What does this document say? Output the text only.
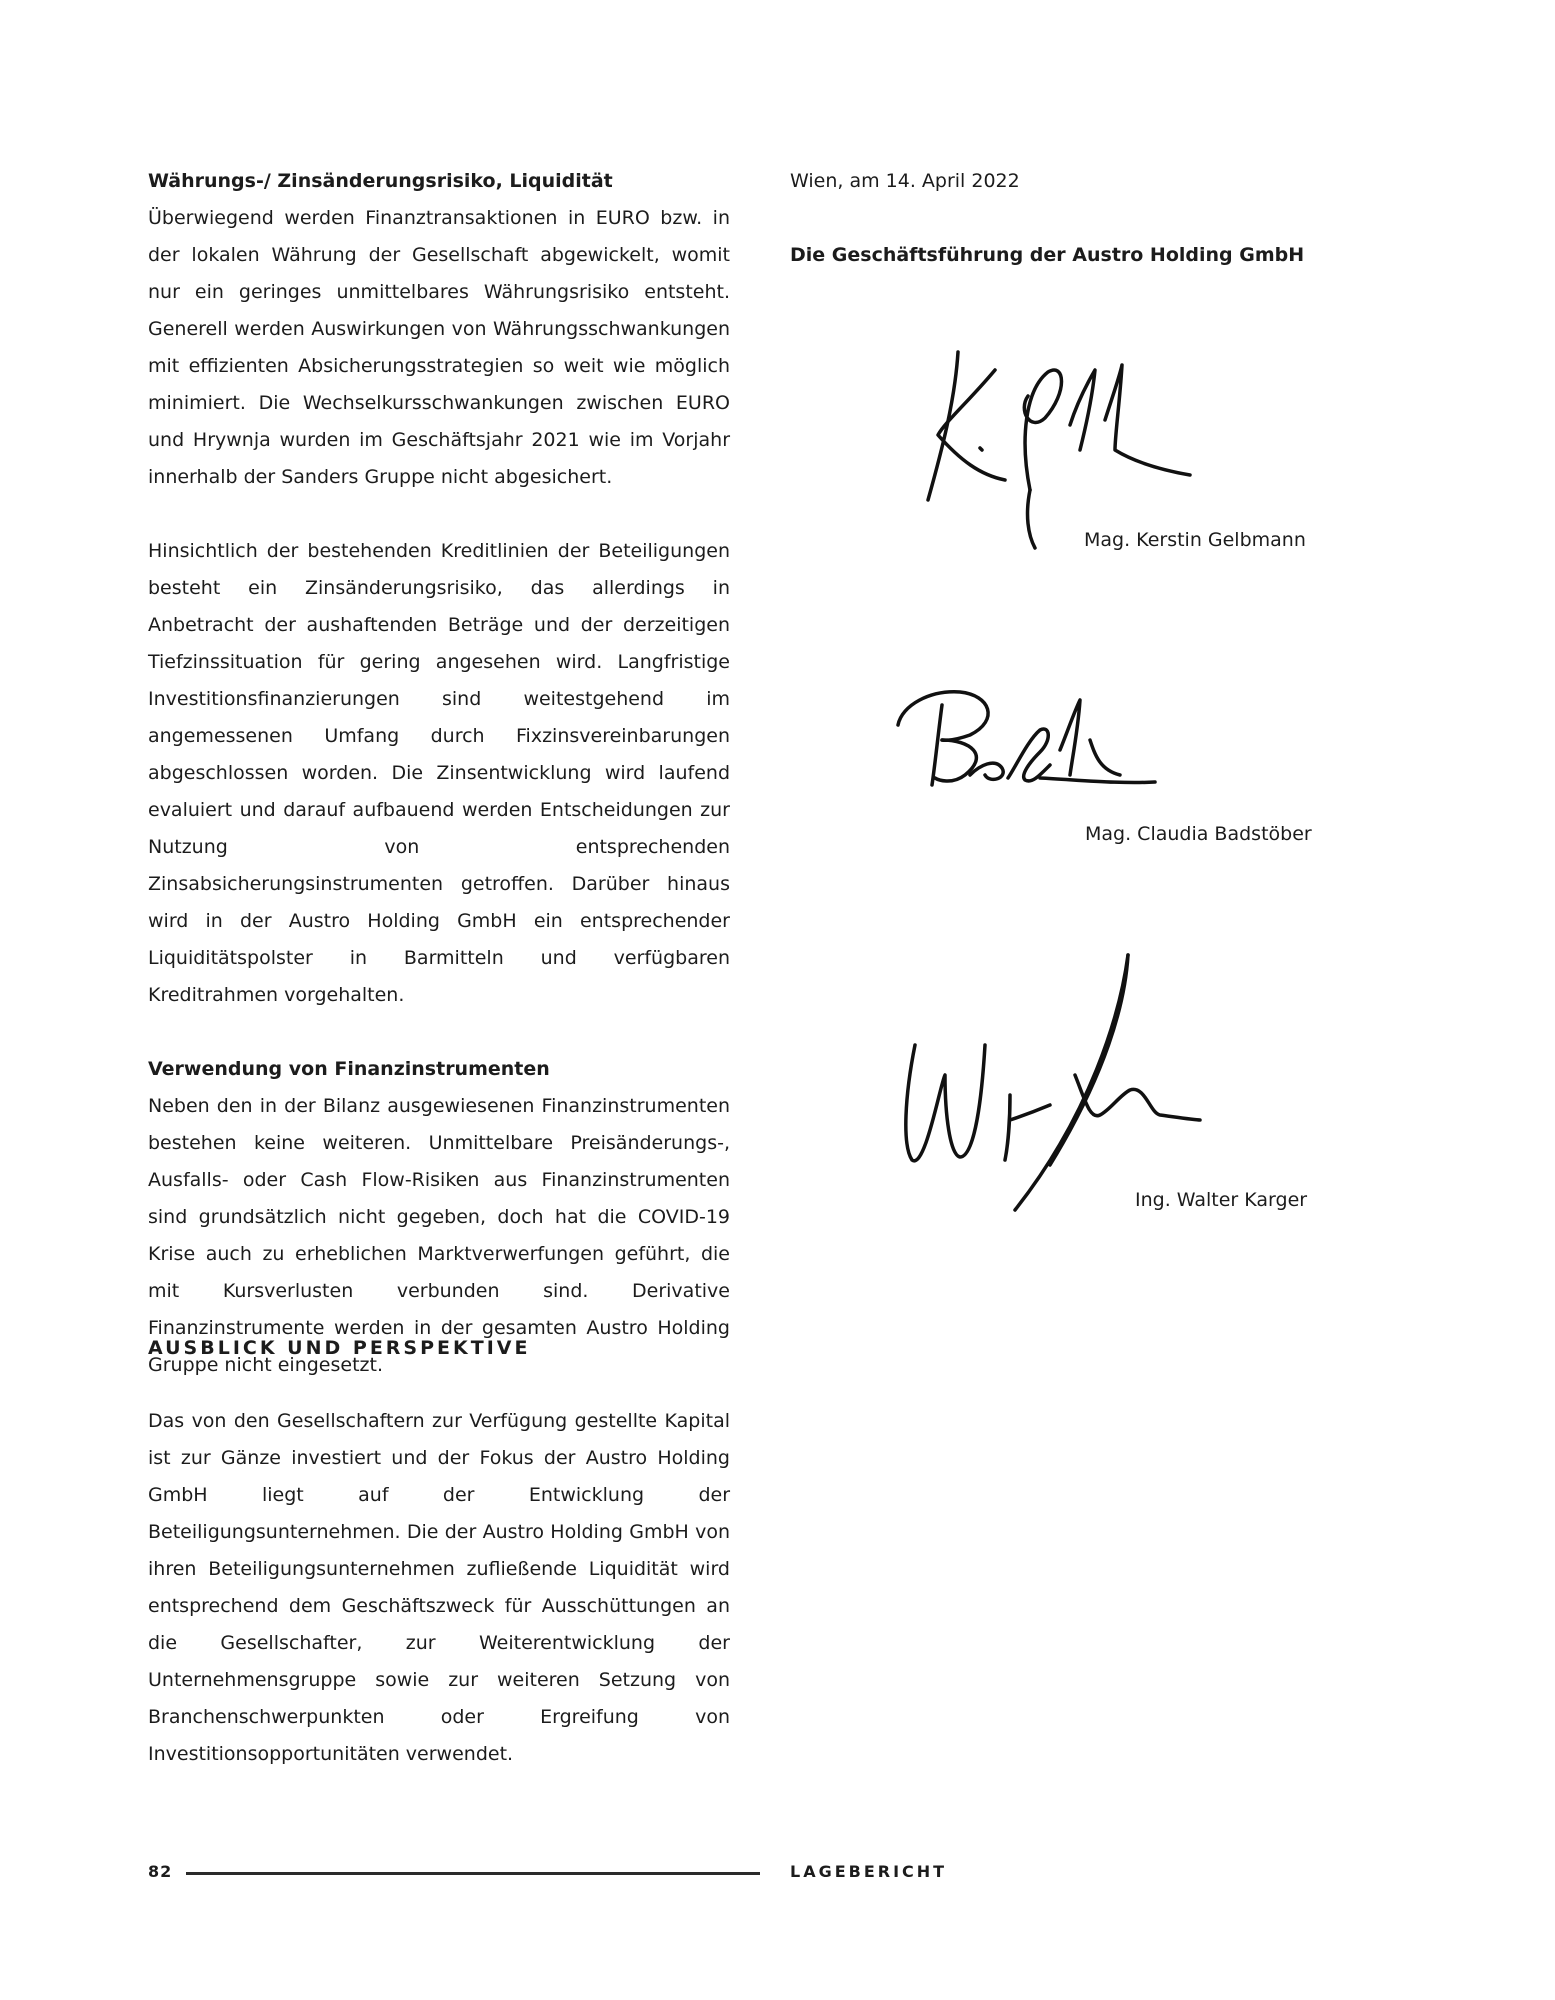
Währungs-/ Zinsänderungsrisiko, Liquidität

Überwiegend werden Finanztransaktionen in EURO bzw. in der lokalen Währung der Gesellschaft abgewickelt, womit nur ein geringes unmittelbares Währungsrisiko entsteht. Generell werden Auswirkungen von Währungsschwankungen mit effizienten Absicherungsstrategien so weit wie möglich minimiert. Die Wechselkursschwankungen zwischen EURO und Hrywnja wurden im Geschäftsjahr 2021 wie im Vorjahr innerhalb der Sanders Gruppe nicht abgesichert.

Hinsichtlich der bestehenden Kreditlinien der Beteiligungen besteht ein Zinsänderungsrisiko, das allerdings in Anbetracht der aushaftenden Beträge und der derzeitigen Tiefzinssituation für gering angesehen wird. Langfristige Investitionsfinanzierungen sind weitestgehend im angemessenen Umfang durch Fixzinsvereinbarungen abgeschlossen worden. Die Zinsentwicklung wird laufend evaluiert und darauf aufbauend werden Entscheidungen zur Nutzung von entsprechenden Zinsabsicherungsinstrumenten getroffen. Darüber hinaus wird in der Austro Holding GmbH ein entsprechender Liquiditätspolster in Barmitteln und verfügbaren Kreditrahmen vorgehalten.

Verwendung von Finanzinstrumenten

Neben den in der Bilanz ausgewiesenen Finanzinstrumenten bestehen keine weiteren. Unmittelbare Preisänderungs-, Ausfalls- oder Cash Flow-Risiken aus Finanzinstrumenten sind grundsätzlich nicht gegeben, doch hat die COVID-19 Krise auch zu erheblichen Marktverwerfungen geführt, die mit Kursverlusten verbunden sind. Derivative Finanzinstrumente werden in der gesamten Austro Holding Gruppe nicht eingesetzt.

AUSBLICK UND PERSPEKTIVE

Das von den Gesellschaftern zur Verfügung gestellte Kapital ist zur Gänze investiert und der Fokus der Austro Holding GmbH liegt auf der Entwicklung der Beteiligungsunternehmen. Die der Austro Holding GmbH von ihren Beteiligungsunternehmen zufließende Liquidität wird entsprechend dem Geschäftszweck für Ausschüttungen an die Gesellschafter, zur Weiterentwicklung der Unternehmensgruppe sowie zur weiteren Setzung von Branchenschwerpunkten oder Ergreifung von Investitionsopportunitäten verwendet.

Wien, am 14. April 2022

Die Geschäftsführung der Austro Holding GmbH

Mag. Kerstin Gelbmann
Mag. Claudia Badstöber
Ing. Walter Karger
82	LAGEBERICHT
